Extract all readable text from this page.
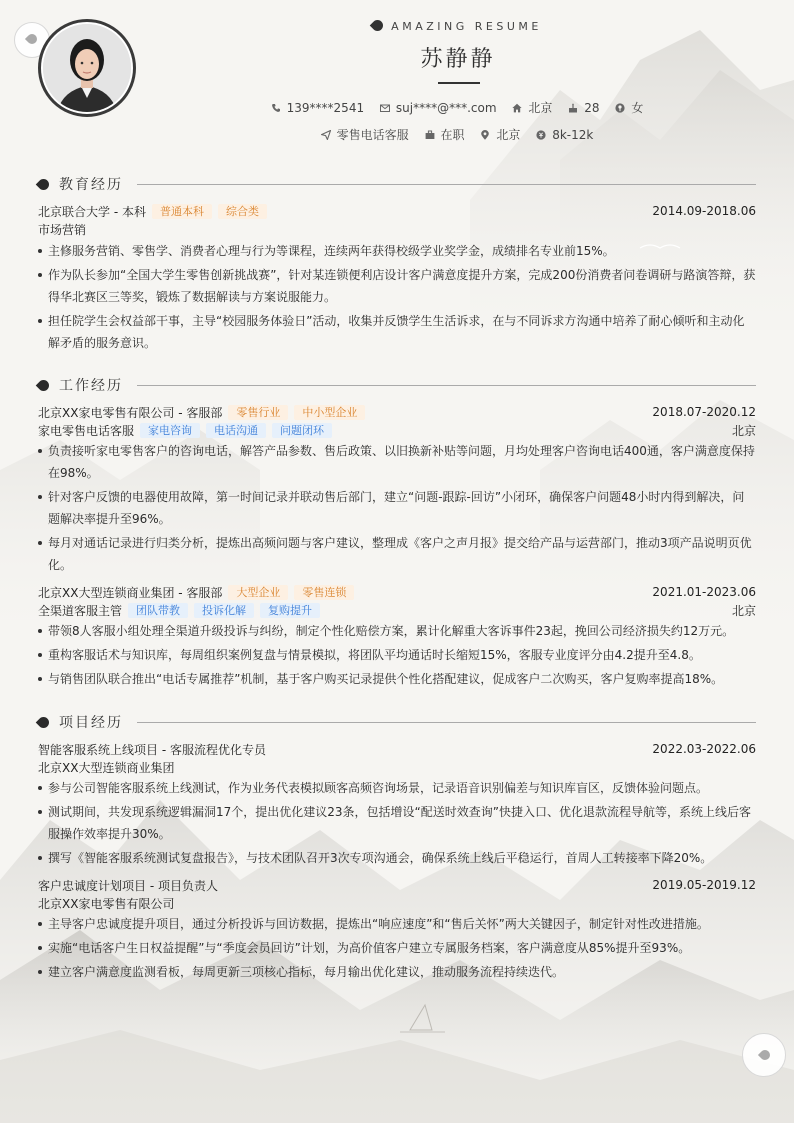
AMAZING RESUME
苏静静
139****2541	suj****@***.com	北京	28	女
零售电话客服	在职	北京	8k-12k
教育经历
北京联合大学 - 本科	普通本科	综合类	2014.09-2018.06
市场营销
主修服务营销、零售学、消费者心理与行为等课程，连续两年获得校级学业奖学金，成绩排名专业前15%。
作为队长参加“全国大学生零售创新挑战赛”，针对某连锁便利店设计客户满意度提升方案，完成200份消费者问卷调研与路演答辩，获得华北赛区三等奖，锻炼了数据解读与方案说服能力。
担任院学生会权益部干事，主导“校园服务体验日”活动，收集并反馈学生生活诉求，在与不同诉求方沟通中培养了耐心倾听和主动化解矛盾的服务意识。
工作经历
北京XX家电零售有限公司 - 客服部	零售行业	中小型企业	2018.07-2020.12
家电零售电话客服	家电咨询	电话沟通	问题闭环	北京
负责接听家电零售客户的咨询电话，解答产品参数、售后政策、以旧换新补贴等问题，月均处理客户咨询电话400通，客户满意度保持在98%。
针对客户反馈的电器使用故障，第一时间记录并联动售后部门，建立“问题-跟踪-回访”小闭环，确保客户问题48小时内得到解决，问题解决率提升至96%。
每月对通话记录进行归类分析，提炼出高频问题与客户建议，整理成《客户之声月报》提交给产品与运营部门，推动3项产品说明页优化。
北京XX大型连锁商业集团 - 客服部	大型企业	零售连锁	2021.01-2023.06
全渠道客服主管	团队带教	投诉化解	复购提升	北京
带领8人客服小组处理全渠道升级投诉与纠纷，制定个性化赔偿方案，累计化解重大客诉事件23起，挽回公司经济损失约12万元。
重构客服话术与知识库，每周组织案例复盘与情景模拟，将团队平均通话时长缩短15%，客服专业度评分由4.2提升至4.8。
与销售团队联合推出“电话专属推荐”机制，基于客户购买记录提供个性化搭配建议，促成客户二次购买，客户复购率提高18%。
项目经历
智能客服系统上线项目 - 客服流程优化专员	2022.03-2022.06
北京XX大型连锁商业集团
参与公司智能客服系统上线测试，作为业务代表模拟顾客高频咨询场景，记录语音识别偏差与知识库盲区，反馈体验问题点。
测试期间，共发现系统逻辑漏洞17个，提出优化建议23条，包括增设“配送时效查询”快捷入口、优化退款流程导航等，系统上线后客服操作效率提升30%。
撰写《智能客服系统测试复盘报告》，与技术团队召开3次专项沟通会，确保系统上线后平稳运行，首周人工转接率下降20%。
客户忠诚度计划项目 - 项目负责人	2019.05-2019.12
北京XX家电零售有限公司
主导客户忠诚度提升项目，通过分析投诉与回访数据，提炼出“响应速度”和“售后关怀”两大关键因子，制定针对性改进措施。
实施“电话客户生日权益提醒”与“季度会员回访”计划，为高价值客户建立专属服务档案，客户满意度从85%提升至93%。
建立客户满意度监测看板，每周更新三项核心指标，每月输出优化建议，推动服务流程持续迭代。
